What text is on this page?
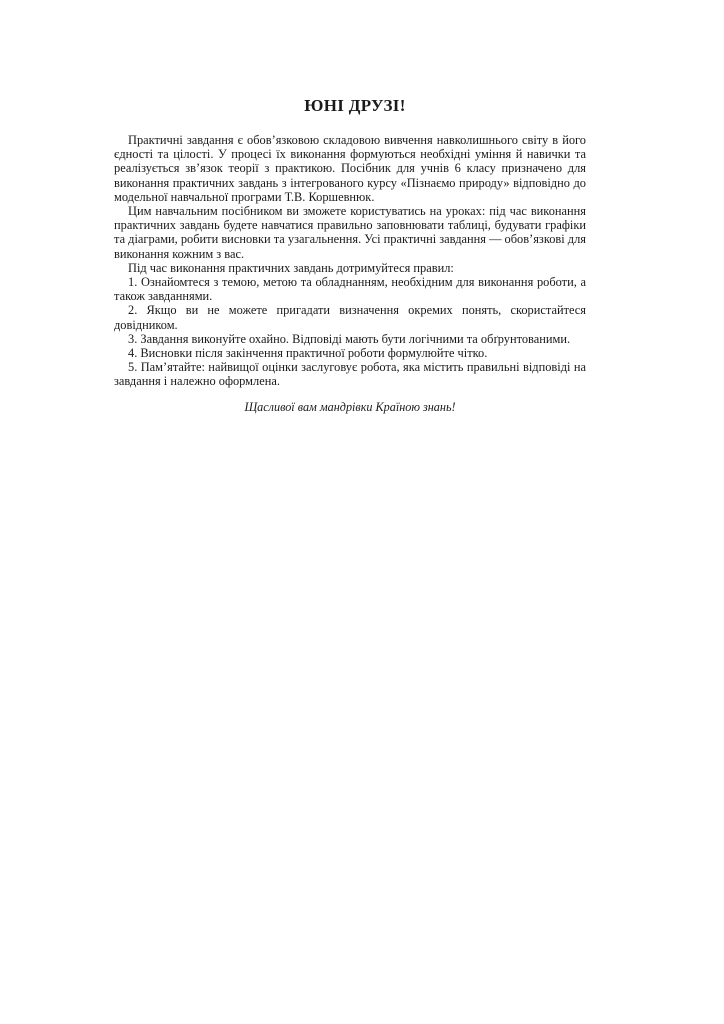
ЮНІ ДРУЗІ!

Практичні завдання є обов’язковою складовою вивчення навколишнього світу в його єдності та цілості. У процесі їх виконання формуються необхідні уміння й навички та реалізується зв’язок теорії з практикою. Посібник для учнів 6 класу призначено для виконання практичних завдань з інтегрованого курсу «Пізнаємо природу» відповідно до модельної навчальної програми Т.В. Коршевнюк.

Цим навчальним посібником ви зможете користуватись на уроках: під час виконання практичних завдань будете навчатися правильно заповнювати таблиці, будувати графіки та діаграми, робити висновки та узагальнення. Усі практичні завдання — обов’язкові для виконання кожним з вас.

Під час виконання практичних завдань дотримуйтеся правил:

1. Ознайомтеся з темою, метою та обладнанням, необхідним для виконання роботи, а також завданнями.

2. Якщо ви не можете пригадати визначення окремих понять, скористайтеся довідником.

3. Завдання виконуйте охайно. Відповіді мають бути логічними та обґрунтованими.

4. Висновки після закінчення практичної роботи формулюйте чітко.

5. Пам’ятайте: найвищої оцінки заслуговує робота, яка містить правильні відповіді на завдання і належно оформлена.

Щасливої вам мандрівки Країною знань!
